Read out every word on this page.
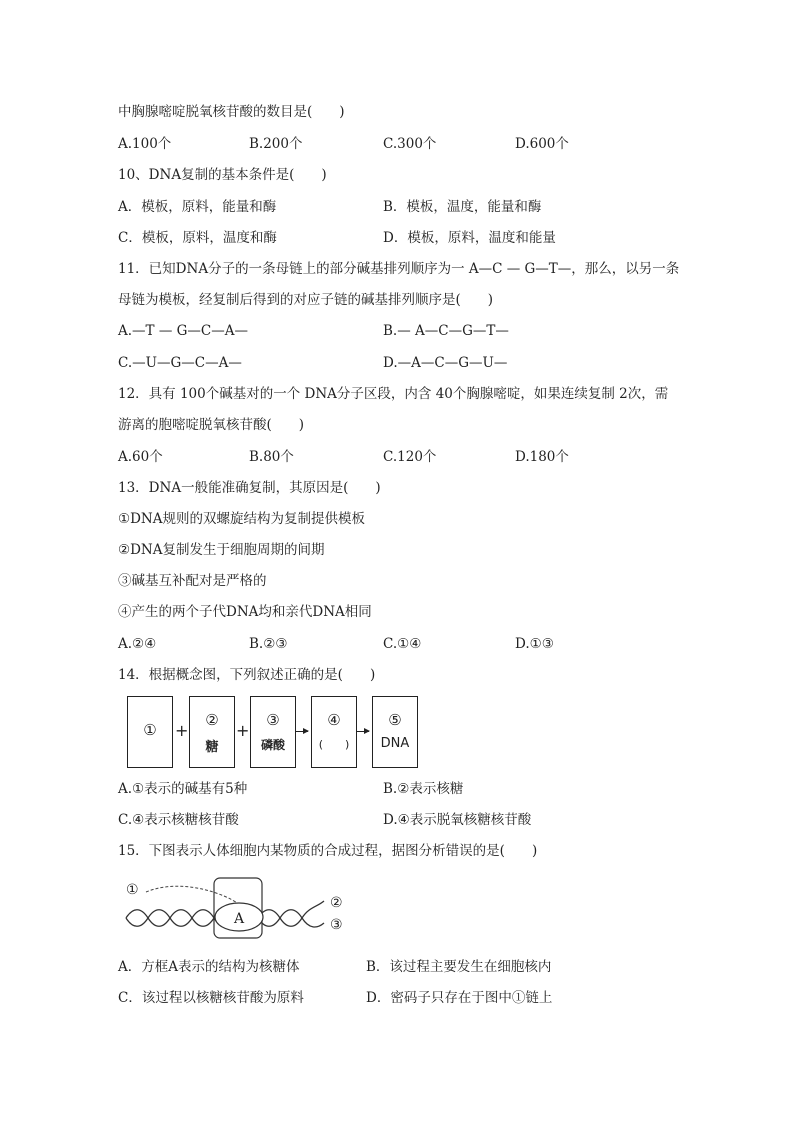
中胸腺嘧啶脱氧核苷酸的数目是(　　)
A.100个	B.200个	C.300个	D.600个
10、DNA复制的基本条件是(　　)
A．模板，原料，能量和酶	B．模板，温度，能量和酶
C．模板，原料，温度和酶	D．模板，原料，温度和能量
11．已知DNA分子的一条母链上的部分碱基排列顺序为一 A—C — G—T—，那么，以另一条
母链为模板，经复制后得到的对应子链的碱基排列顺序是(　　)
A.—T — G—C—A—	B.— A—C—G—T—
C.—U—G—C—A—	D.—A—C—G—U—
12．具有 100个碱基对的一个 DNA分子区段，内含 40个胸腺嘧啶，如果连续复制 2次，需
游离的胞嘧啶脱氧核苷酸(　　)
A.60个	B.80个	C.120个	D.180个
13．DNA一般能准确复制，其原因是(　　)
①DNA规则的双螺旋结构为复制提供模板
②DNA复制发生于细胞周期的间期
③碱基互补配对是严格的
④产生的两个子代DNA均和亲代DNA相同
A.②④	B.②③	C.①④	D.①③
14．根据概念图，下列叙述正确的是(　　)
①	+
②
糖
+
③
磷酸
④
(　　)
⑤
DNA
A.①表示的碱基有5种	B.②表示核糖
C.④表示核糖核苷酸	D.④表示脱氧核糖核苷酸
15．下图表示人体细胞内某物质的合成过程，据图分析错误的是(　　)
A
①
②
③
A．方框A表示的结构为核糖体	B．该过程主要发生在细胞核内
C．该过程以核糖核苷酸为原料	D．密码子只存在于图中①链上
